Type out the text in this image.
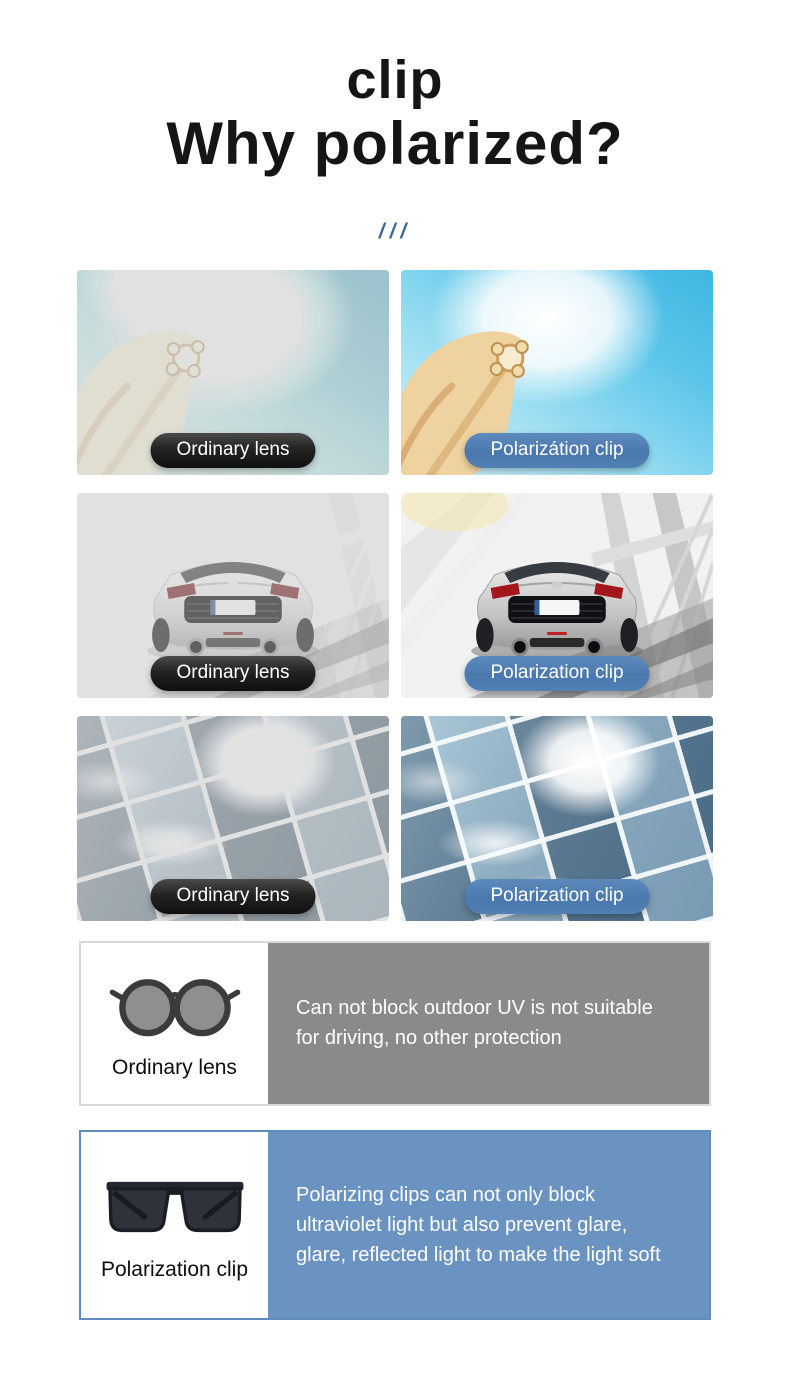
clip
Why polarized?
///
Ordinary lens	Polarizátion clip
Ordinary lens	Polarization clip
Ordinary lens	Polarization clip
Ordinary lens
Can not block outdoor UV is not suitable for driving, no other protection
Polarization clip
Polarizing clips can not only block ultraviolet light but also prevent glare, glare, reflected light to make the light soft
